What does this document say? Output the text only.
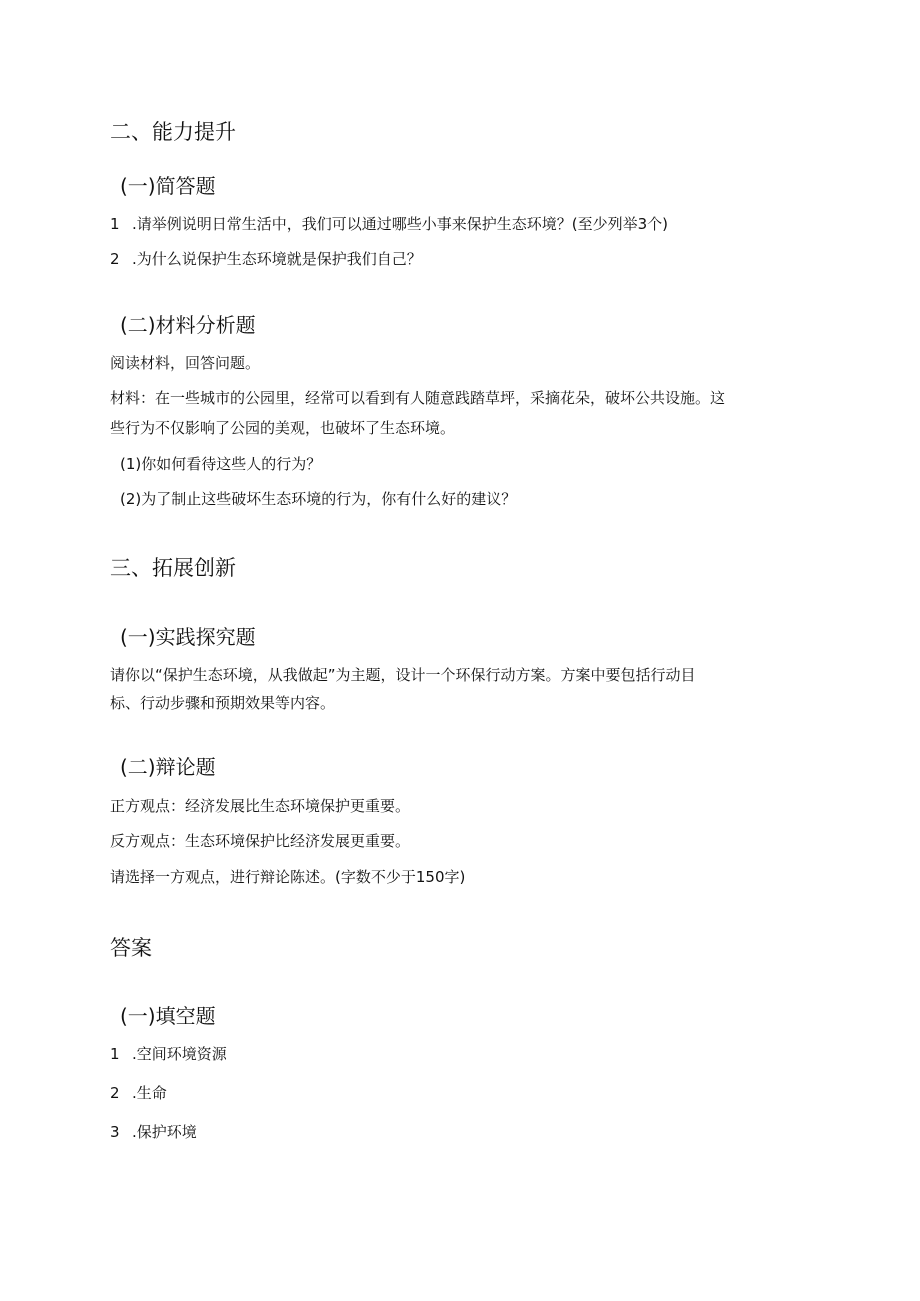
二、能力提升
(一)简答题
1 .请举例说明日常生活中，我们可以通过哪些小事来保护生态环境？(至少列举3个)
2 .为什么说保护生态环境就是保护我们自己？
(二)材料分析题
阅读材料，回答问题。
材料：在一些城市的公园里，经常可以看到有人随意践踏草坪，采摘花朵，破坏公共设施。这
些行为不仅影响了公园的美观，也破坏了生态环境。
(1)你如何看待这些人的行为？
(2)为了制止这些破坏生态环境的行为，你有什么好的建议？
三、拓展创新
(一)实践探究题
请你以“保护生态环境，从我做起”为主题，设计一个环保行动方案。方案中要包括行动目
标、行动步骤和预期效果等内容。
(二)辩论题
正方观点：经济发展比生态环境保护更重要。
反方观点：生态环境保护比经济发展更重要。
请选择一方观点，进行辩论陈述。(字数不少于150字)
答案
(一)填空题
1 .空间环境资源
2 .生命
3 .保护环境
